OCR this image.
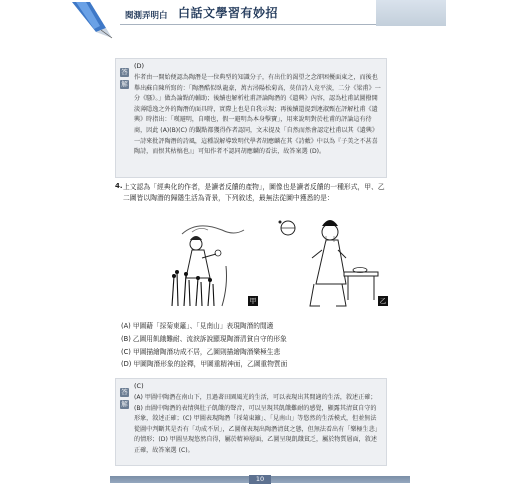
閱測弄明白 白話文學習有妙招
答
(D)
解
作者由一開始便認為陶潛是一位典型的知識分子，有出仕的渴望之念卻困擾面東之，而後也舉出蘇自陳所寫的：「陶潛酷似臥龍豪，萬古潯陽松菊高，莫信詩人竟平淡，二分《梁甫》一分《騷》。」做為論點的輔助；後續也解析杜甫評論陶潛的《遺興》內容，認為杜甫試圖撥開淡薄隱逸之外的陶潛的面具時，實際上也是自我示現；再後續還提到連淑甄在評解杜甫《遺興》時指出：「嘆避明，自嘲也，假一避明為本身擊寶」，用來說明對於杜甫的評論這有待商，因此 (A)(B)(C) 的觀點都獲得作者認同，文末提及「自然而然會認定杜甫以其《遺興》一詩來批評陶潛的詩風，這種誤解導致明代學者胡應麟在其《詩藪》中以為『子美之不甚喜陶詩，而恨其枯槁也』」可知作者不認同胡應麟的看法，故答案選 (D)。
4. 上文認為「經典化的作者，是讀者反饋的產物」，圖像也是讀者反饋的一種形式，甲、乙二圖皆以陶潛的歸隱生活為背景，下列敘述，最無法從圖中獲悉的是：
甲	乙
(A) 甲圖藉「採菊東籬」、「見南山」表現陶潛的閒適
(B) 乙圖用飢餓難耐、流淚訴說顯現陶潛清貧自守的形象
(C) 甲圖描繪陶潛功成不居，乙圖則描繪陶潛樂極生悲
(D) 甲圖陶潛形象的詮釋，甲圖重精神面，乙圖重物質面
答
(C)
解
(A) 甲圖中陶潛在南山下，且過著田園風光的生活，可以表現出其閒適的生活，敘述正確；
(B) 由圖中陶潛的表情與肚子飢餓的聲音，可以呈現其飢餓難耐的感覺，顯露其清貧自守的形象，敘述正確；(C) 甲圖表現陶潛「採菊東籬」、「見南山」等悠然的生活模式，但並無法從圖中判斷其是否有「功成不居」，乙圖僅表現出陶潛清貧之態，但無法看出有「樂極生悲」的情形；(D) 甲圖呈現悠然自得，屬於精神層面，乙圖呈現飢餓貧乏，屬於物質層面，敘述正確，故答案選 (C)。
10
